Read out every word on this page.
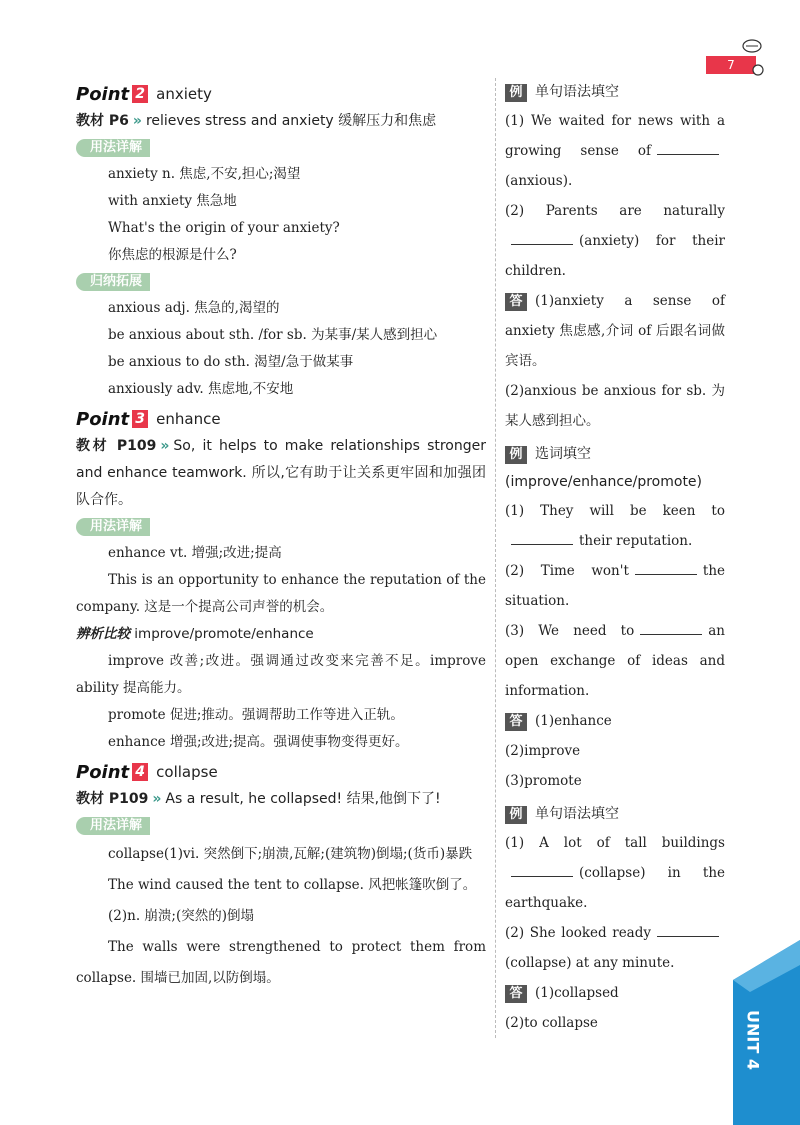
7
UNIT 4
Point 2 anxiety
教材 P6 » relieves stress and anxiety 缓解压力和焦虑
用法详解
anxiety n. 焦虑,不安,担心;渴望
with anxiety 焦急地
What's the origin of your anxiety?
你焦虑的根源是什么?
归纳拓展
anxious adj. 焦急的,渴望的
be anxious about sth. /for sb. 为某事/某人感到担心
be anxious to do sth. 渴望/急于做某事
anxiously adv. 焦虑地,不安地
Point 3 enhance
教材 P109 » So, it helps to make relationships stronger and enhance teamwork. 所以,它有助于让关系更牢固和加强团队合作。
用法详解
enhance vt. 增强;改进;提高
This is an opportunity to enhance the reputation of the company. 这是一个提高公司声誉的机会。
辨析比较 improve/promote/enhance
improve 改善;改进。强调通过改变来完善不足。improve ability 提高能力。
promote 促进;推动。强调帮助工作等进入正轨。
enhance 增强;改进;提高。强调使事物变得更好。
Point 4 collapse
教材 P109 » As a result, he collapsed! 结果,他倒下了!
用法详解
collapse(1)vi. 突然倒下;崩溃,瓦解;(建筑物)倒塌;(货币)暴跌
The wind caused the tent to collapse. 风把帐篷吹倒了。
(2)n. 崩溃;(突然的)倒塌
The walls were strengthened to protect them from collapse. 围墙已加固,以防倒塌。
例 单句语法填空
(1) We waited for news with a growing sense of(anxious).
(2) Parents are naturally(anxiety) for their children.
答 (1)anxiety a sense of anxiety 焦虑感,介词 of 后跟名词做宾语。
(2)anxious be anxious for sb. 为某人感到担心。
例 选词填空(improve/enhance/promote)
(1) They will be keen totheir reputation.
(2) Time won't	the situation.
(3) We need to	an open exchange of ideas and information.
答 (1)enhance
(2)improve
(3)promote
例 单句语法填空
(1) A lot of tall buildings(collapse) in the earthquake.
(2) She looked ready(collapse) at any minute.
答 (1)collapsed
(2)to collapse
